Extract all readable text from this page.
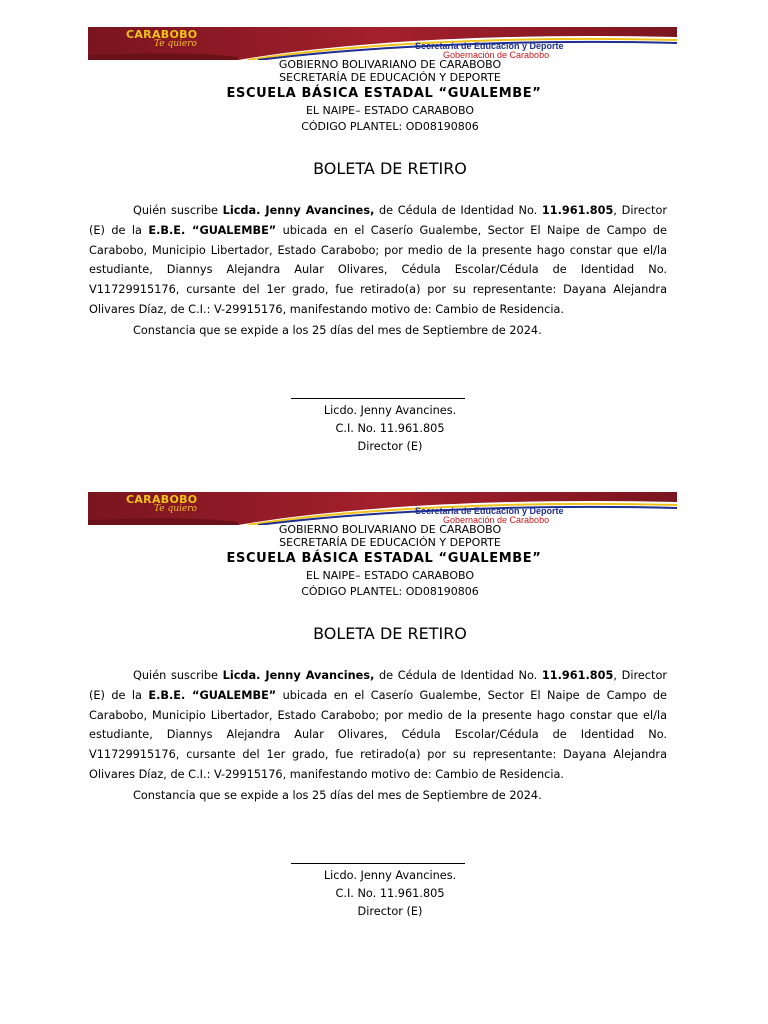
CARABOBO
Te quiero	Secretaría de Educación y Deporte
Gobernación de Carabobo
GOBIERNO BOLIVARIANO DE CARABOBO
SECRETARÍA DE EDUCACIÓN Y DEPORTE
ESCUELA BÁSICA ESTADAL “GUALEMBE”
EL NAIPE– ESTADO CARABOBO
CÓDIGO PLANTEL: OD08190806
BOLETA DE RETIRO

Quién suscribe Licda. Jenny Avancines, de Cédula de Identidad No. 11.961.805, Director (E) de la E.B.E. “GUALEMBE” ubicada en el Caserío Gualembe, Sector El Naipe de Campo de Carabobo, Municipio Libertador, Estado Carabobo; por medio de la presente hago constar que el/la estudiante, Diannys Alejandra Aular Olivares, Cédula Escolar/Cédula de Identidad No. V11729915176, cursante del 1er grado, fue retirado(a) por su representante: Dayana Alejandra Olivares Díaz, de C.I.: V-29915176, manifestando motivo de: Cambio de Residencia.

Constancia que se expide a los 25 días del mes de Septiembre de 2024.

Licdo. Jenny Avancines.
C.I. No. 11.961.805
Director (E)
CARABOBO
Te quiero	Secretaría de Educación y Deporte
Gobernación de Carabobo
GOBIERNO BOLIVARIANO DE CARABOBO
SECRETARÍA DE EDUCACIÓN Y DEPORTE
ESCUELA BÁSICA ESTADAL “GUALEMBE”
EL NAIPE– ESTADO CARABOBO
CÓDIGO PLANTEL: OD08190806
BOLETA DE RETIRO

Quién suscribe Licda. Jenny Avancines, de Cédula de Identidad No. 11.961.805, Director (E) de la E.B.E. “GUALEMBE” ubicada en el Caserío Gualembe, Sector El Naipe de Campo de Carabobo, Municipio Libertador, Estado Carabobo; por medio de la presente hago constar que el/la estudiante, Diannys Alejandra Aular Olivares, Cédula Escolar/Cédula de Identidad No. V11729915176, cursante del 1er grado, fue retirado(a) por su representante: Dayana Alejandra Olivares Díaz, de C.I.: V-29915176, manifestando motivo de: Cambio de Residencia.

Constancia que se expide a los 25 días del mes de Septiembre de 2024.

Licdo. Jenny Avancines.
C.I. No. 11.961.805
Director (E)
